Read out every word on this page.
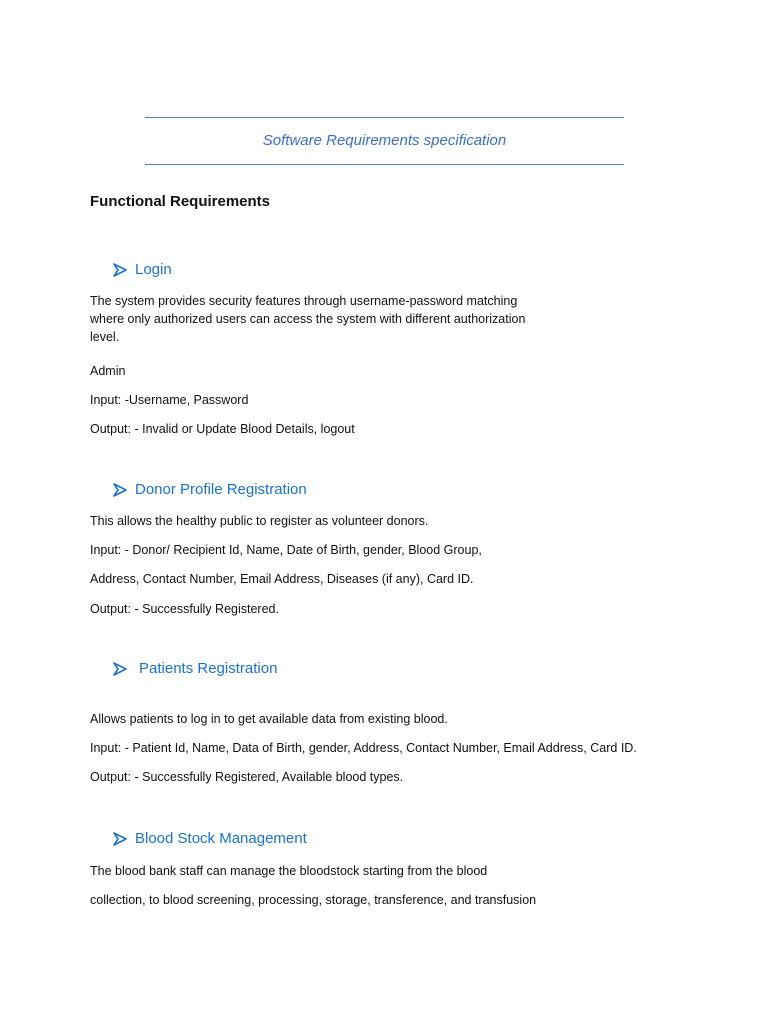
Software Requirements specification
Functional Requirements
Login
The system provides security features through username-password matching where only authorized users can access the system with different authorization level.
Admin
Input: -Username, Password
Output: - Invalid or Update Blood Details, logout
Donor Profile Registration
This allows the healthy public to register as volunteer donors.
Input: - Donor/ Recipient Id, Name, Date of Birth, gender, Blood Group,
Address, Contact Number, Email Address, Diseases (if any), Card ID.
Output: - Successfully Registered.
Patients Registration
Allows patients to log in to get available data from existing blood.
Input: - Patient Id, Name, Data of Birth, gender, Address, Contact Number, Email Address, Card ID.
Output: - Successfully Registered, Available blood types.
Blood Stock Management
The blood bank staff can manage the bloodstock starting from the blood
collection, to blood screening, processing, storage, transference, and transfusion
